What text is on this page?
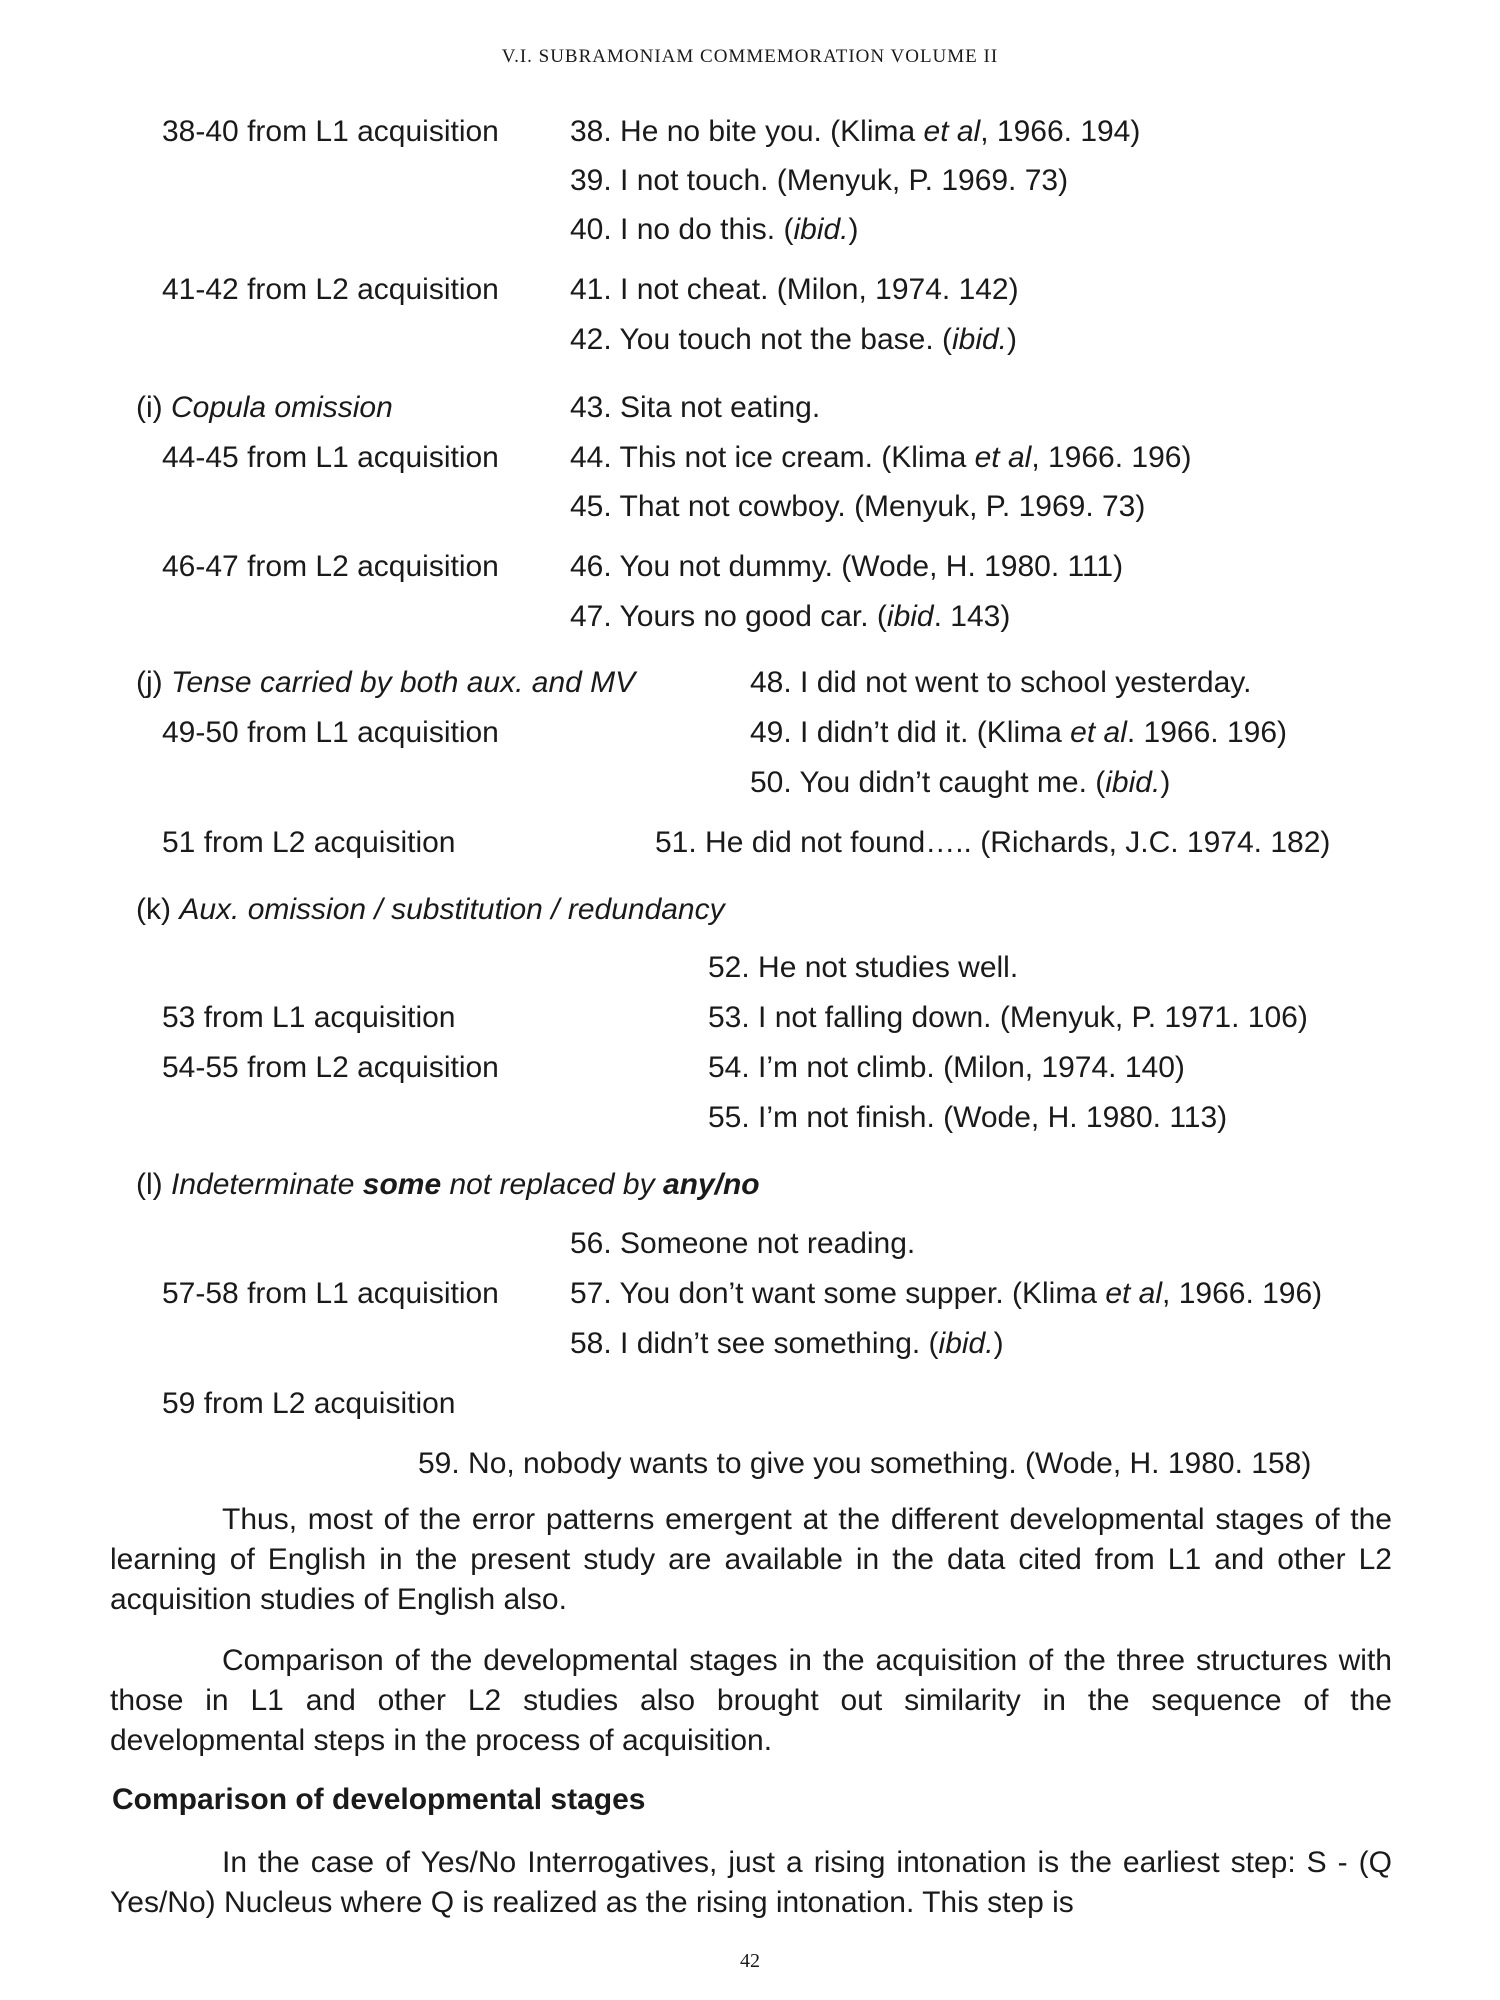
V.I. SUBRAMONIAM COMMEMORATION VOLUME II
38-40 from L1 acquisition 38. He no bite you. (Klima et al, 1966. 194)
39. I not touch. (Menyuk, P. 1969. 73)
40. I no do this. (ibid.)
41-42 from L2 acquisition 41. I not cheat. (Milon, 1974. 142)
42. You touch not the base. (ibid.)
(i) Copula omission	43. Sita not eating.
44-45 from L1 acquisition 44. This not ice cream. (Klima et al, 1966. 196)
45. That not cowboy. (Menyuk, P. 1969. 73)
46-47 from L2 acquisition 46. You not dummy. (Wode, H. 1980. 111)
47. Yours no good car. (ibid. 143)
(j) Tense carried by both aux. and MV	48. I did not went to school yesterday.
49-50 from L1 acquisition	49. I didn’t did it. (Klima et al. 1966. 196)
50. You didn’t caught me. (ibid.)
51 from L2 acquisition	51. He did not found….. (Richards, J.C. 1974. 182)
(k) Aux. omission / substitution / redundancy
52. He not studies well.
53 from L1 acquisition	53. I not falling down. (Menyuk, P. 1971. 106)
54-55 from L2 acquisition	54. I’m not climb. (Milon, 1974. 140)
55. I’m not finish. (Wode, H. 1980. 113)
(l) Indeterminate some not replaced by any/no
56. Someone not reading.
57-58 from L1 acquisition 57. You don’t want some supper. (Klima et al, 1966. 196)
58. I didn’t see something. (ibid.)
59 from L2 acquisition
59. No, nobody wants to give you something. (Wode, H. 1980. 158)
Thus, most of the error patterns emergent at the different developmental stages of the learning of English in the present study are available in the data cited from L1 and other L2 acquisition studies of English also.
Comparison of the developmental stages in the acquisition of the three structures with those in L1 and other L2 studies also brought out similarity in the sequence of the developmental steps in the process of acquisition.
Comparison of developmental stages
In the case of Yes/No Interrogatives, just a rising intonation is the earliest step: S - (Q Yes/No) Nucleus where Q is realized as the rising intonation. This step is
42
